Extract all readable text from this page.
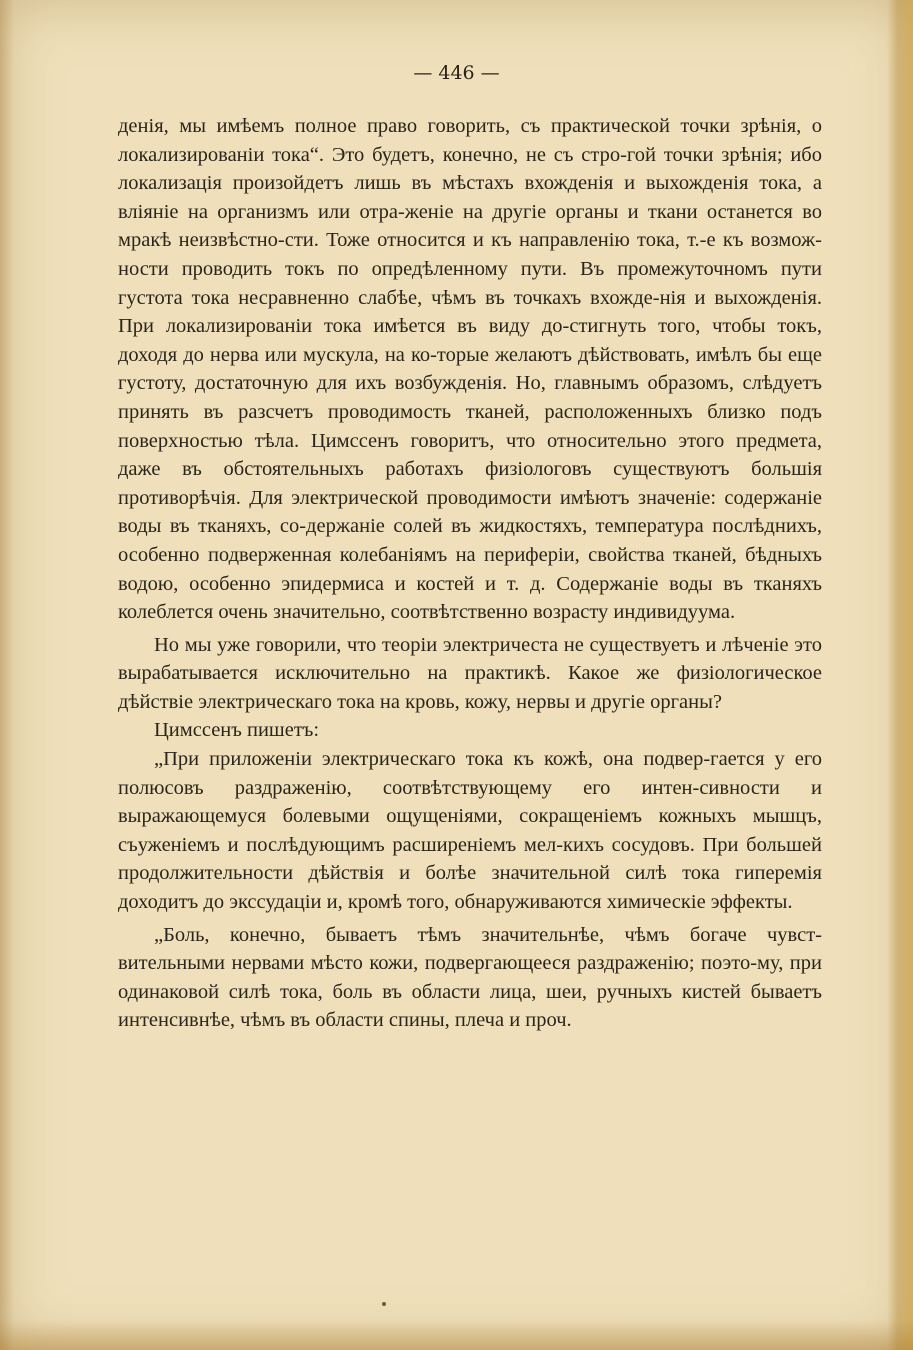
— 446 —

денія, мы имѣемъ полное право говорить, съ практической точки зрѣнія, о локализированіи тока“. Это будетъ, конечно, не съ стро-гой точки зрѣнія; ибо локализація произойдетъ лишь въ мѣстахъ вхожденія и выхожденія тока, а вліяніе на организмъ или отра-женіе на другіе органы и ткани останется во мракѣ неизвѣстно-сти. Тоже относится и къ направленію тока, т.-е къ возмож-ности проводить токъ по опредѣленному пути. Въ промежуточномъ пути густота тока несравненно слабѣе, чѣмъ въ точкахъ вхожде-нія и выхожденія. При локализированіи тока имѣется въ виду до-стигнуть того, чтобы токъ, доходя до нерва или мускула, на ко-торые желаютъ дѣйствовать, имѣлъ бы еще густоту, достаточную для ихъ возбужденія. Но, главнымъ образомъ, слѣдуетъ принять въ разсчетъ проводимость тканей, расположенныхъ близко подъ поверхностью тѣла. Цимссенъ говоритъ, что относительно этого предмета, даже въ обстоятельныхъ работахъ физіологовъ существуютъ большія противорѣчія. Для электрической проводимости имѣютъ значеніе: содержаніе воды въ тканяхъ, со-держаніе солей въ жидкостяхъ, температура послѣднихъ, особенно подверженная колебаніямъ на периферіи, свойства тканей, бѣдныхъ водою, особенно эпидермиса и костей и т. д. Содержаніе воды въ тканяхъ колеблется очень значительно, соотвѣтственно возрасту индивидуума.

Но мы уже говорили, что теоріи электричеста не существуетъ и лѣченіе это вырабатывается исключительно на практикѣ. Какое же физіологическое дѣйствіе электрическаго тока на кровь, кожу, нервы и другіе органы?

Цимссенъ пишетъ:

„При приложеніи электрическаго тока къ кожѣ, она подвер-гается у его полюсовъ раздраженію, соотвѣтствующему его интен-сивности и выражающемуся болевыми ощущеніями, сокращеніемъ кожныхъ мышцъ, съуженіемъ и послѣдующимъ расширеніемъ мел-кихъ сосудовъ. При большей продолжительности дѣйствія и болѣе значительной силѣ тока гиперемія доходитъ до экссудаціи и, кромѣ того, обнаруживаются химическіе эффекты.

„Боль, конечно, бываетъ тѣмъ значительнѣе, чѣмъ богаче чувст-вительными нервами мѣсто кожи, подвергающееся раздраженію; поэто-му, при одинаковой силѣ тока, боль въ области лица, шеи, ручныхъ кистей бываетъ интенсивнѣе, чѣмъ въ области спины, плеча и проч.
